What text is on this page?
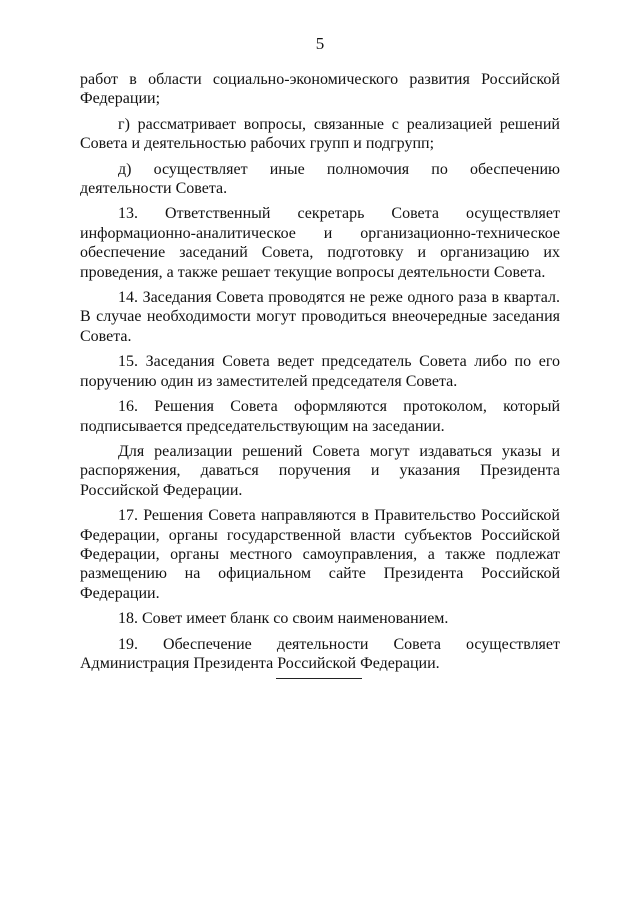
5

работ в области социально-экономического развития Российской Федерации;

г) рассматривает вопросы, связанные с реализацией решений Совета и деятельностью рабочих групп и подгрупп;

д) осуществляет иные полномочия по обеспечению деятельности Совета.

13. Ответственный секретарь Совета осуществляет информационно-аналитическое и организационно-техническое обеспечение заседаний Совета, подготовку и организацию их проведения, а также решает текущие вопросы деятельности Совета.

14. Заседания Совета проводятся не реже одного раза в квартал. В случае необходимости могут проводиться внеочередные заседания Совета.

15. Заседания Совета ведет председатель Совета либо по его поручению один из заместителей председателя Совета.

16. Решения Совета оформляются протоколом, который подписывается председательствующим на заседании.

Для реализации решений Совета могут издаваться указы и распоряжения, даваться поручения и указания Президента Российской Федерации.

17. Решения Совета направляются в Правительство Российской Федерации, органы государственной власти субъектов Российской Федерации, органы местного самоуправления, а также подлежат размещению на официальном сайте Президента Российской Федерации.

18. Совет имеет бланк со своим наименованием.

19. Обеспечение деятельности Совета осуществляет Администрация Президента Российской Федерации.
